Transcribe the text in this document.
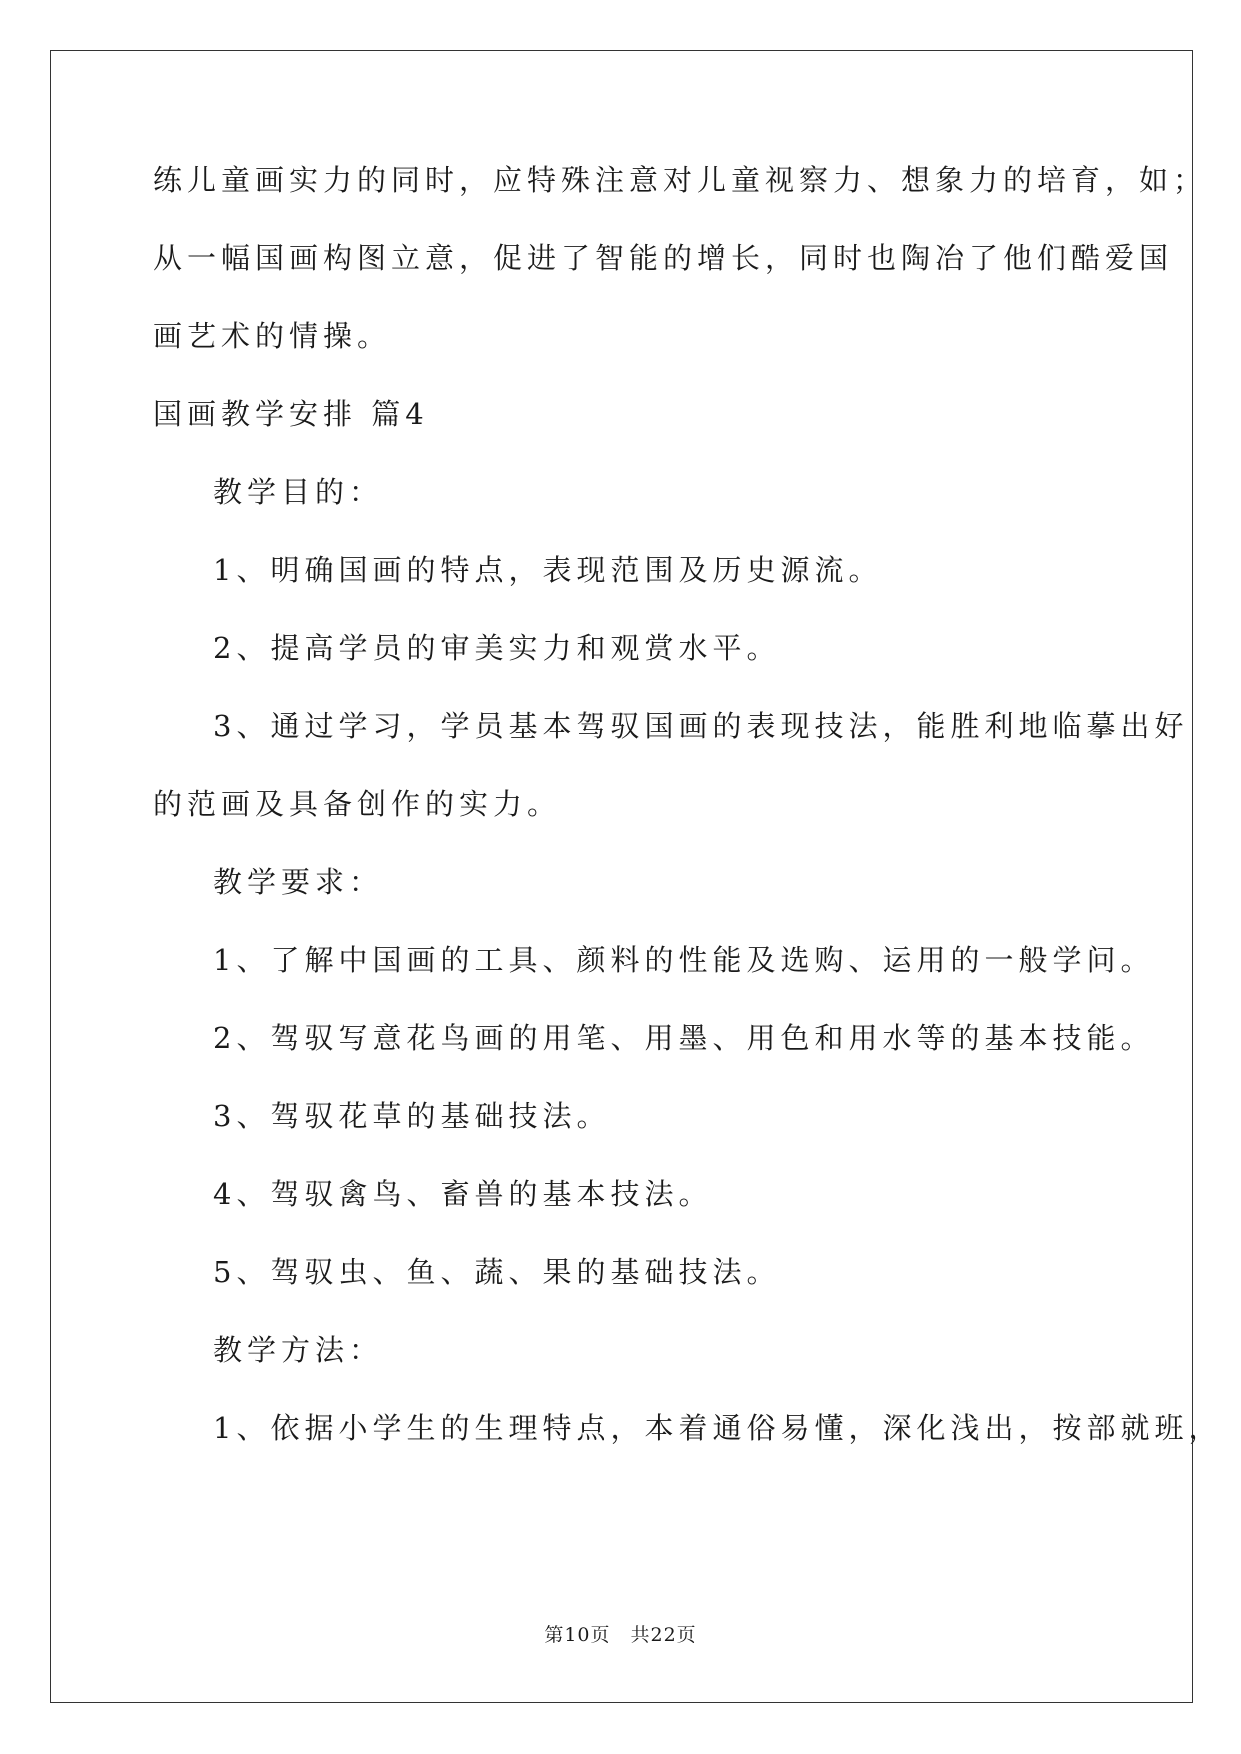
练儿童画实力的同时，应特殊注意对儿童视察力、想象力的培育，如；
从一幅国画构图立意，促进了智能的增长，同时也陶冶了他们酷爱国
画艺术的情操。
国画教学安排 篇4
教学目的：
1、明确国画的特点，表现范围及历史源流。
2、提高学员的审美实力和观赏水平。
3、通过学习，学员基本驾驭国画的表现技法，能胜利地临摹出好
的范画及具备创作的实力。
教学要求：
1、了解中国画的工具、颜料的性能及选购、运用的一般学问。
2、驾驭写意花鸟画的用笔、用墨、用色和用水等的基本技能。
3、驾驭花草的基础技法。
4、驾驭禽鸟、畜兽的基本技法。
5、驾驭虫、鱼、蔬、果的基础技法。
教学方法：
1、依据小学生的生理特点，本着通俗易懂，深化浅出，按部就班，
第10页　共22页
